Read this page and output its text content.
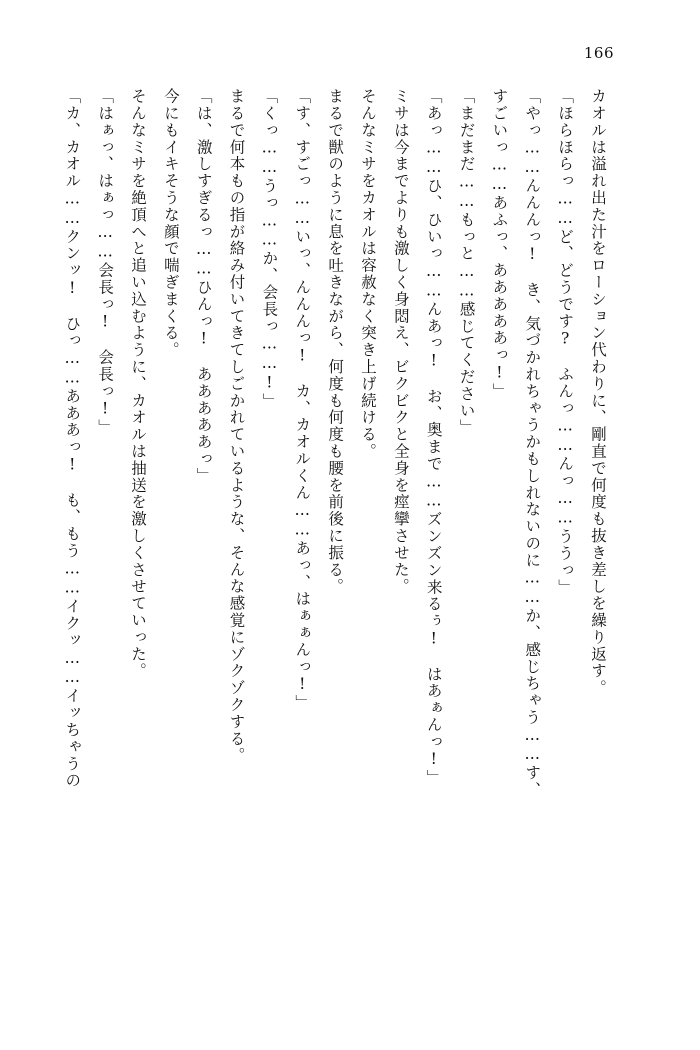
166

カオルは溢れ出た汁をローション代わりに、剛直で何度も抜き差しを繰り返す。

「ほらほらっ……ど、どうです?　ふんっ……んっ……ううっ」

「やっ……んんんっ!　き、気づかれちゃうかもしれないのに……か、感じちゃう……す、

すごいっ……あふっ、あああああっ!」

「まだまだ……もっと……感じてください」

「あっ……ひ、ひいっ……んあっ!　お、奥まで……ズンズン来るぅ!　はあぁんっ!」

ミサは今までよりも激しく身悶え、ビクビクと全身を痙攣させた。

そんなミサをカオルは容赦なく突き上げ続ける。

まるで獣のように息を吐きながら、何度も何度も腰を前後に振る。

「す、すごっ……いっ、んんんっ!　カ、カオルくん……あっ、はぁぁんっ!」

「くっ……うっ……か、会長っ……!」

まるで何本もの指が絡み付いてきてしごかれているような、そんな感覚にゾクゾクする。

「は、激しすぎるっ……ひんっ!　あああああっ」

今にもイキそうな顔で喘ぎまくる。

そんなミサを絶頂へと追い込むように、カオルは抽送を激しくさせていった。

「はぁっ、はぁっ……会長っ!　会長っ!」

「カ、カオル……クンッ!　ひっ……あああっ!　も、もう……イクッ……イッちゃうの
